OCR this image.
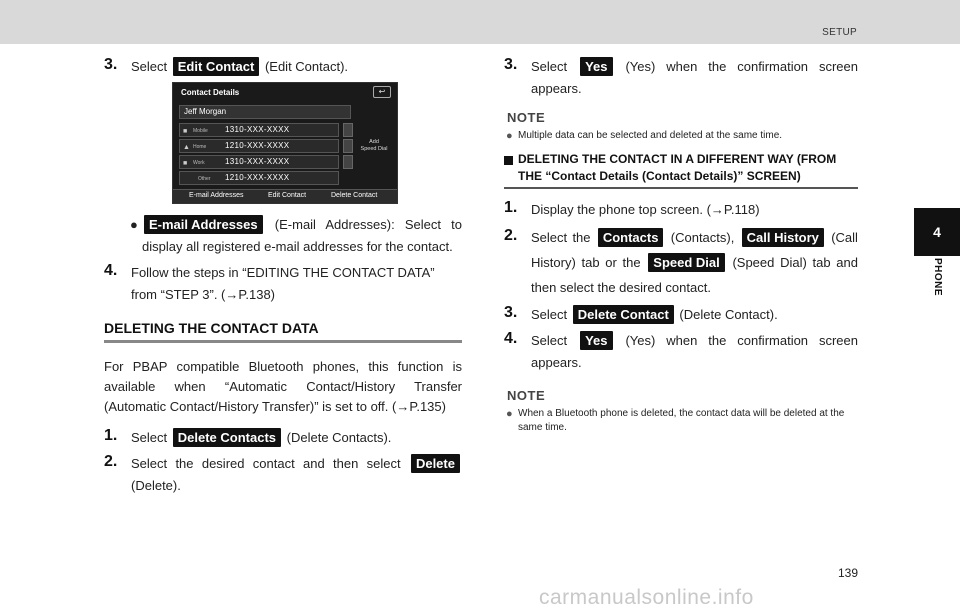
SETUP
4
PHONE
3 .	Select Edit Contact (Edit Contact).
Contact Details	↩
Jeff Morgan
■ Mobile 1310-XXX-XXXX
▲ Home 1210-XXX-XXXX
■ Work	1310-XXX-XXXX
Other 1210-XXX-XXXX
Add
Speed Dial
E-mail Addresses	Edit Contact	Delete Contact
● E-mail Addresses (E-mail Addresses): Select to display all registered e-mail addresses for the contact.
4 .	Follow the steps in “EDITING THE CONTACT DATA” from “STEP 3”. (→P.138)
DELETING THE CONTACT DATA

For PBAP compatible Bluetooth phones, this function is available when “Automatic Contact/History Transfer (Automatic Contact/History Transfer)” is set to off. (→P.135)

1 .	Select Delete Contacts (Delete Contacts).
2 .	Select the desired contact and then select Delete (Delete).
3 .	Select Yes (Yes) when the confirmation screen appears.
NOTE
● Multiple data can be selected and deleted at the same time.
DELETING THE CONTACT IN A DIFFERENT WAY (FROM THE “Contact Details (Contact Details)” SCREEN)
1 .	Display the phone top screen. (→P.118)
2 .	Select the Contacts (Contacts), Call History (Call History) tab or the Speed Dial (Speed Dial) tab and then select the desired contact.
3 .	Select Delete Contact (Delete Contact).
4 .	Select Yes (Yes) when the confirmation screen appears.
NOTE
● When a Bluetooth phone is deleted, the contact data will be deleted at the same time.
139
carmanualsonline.info
